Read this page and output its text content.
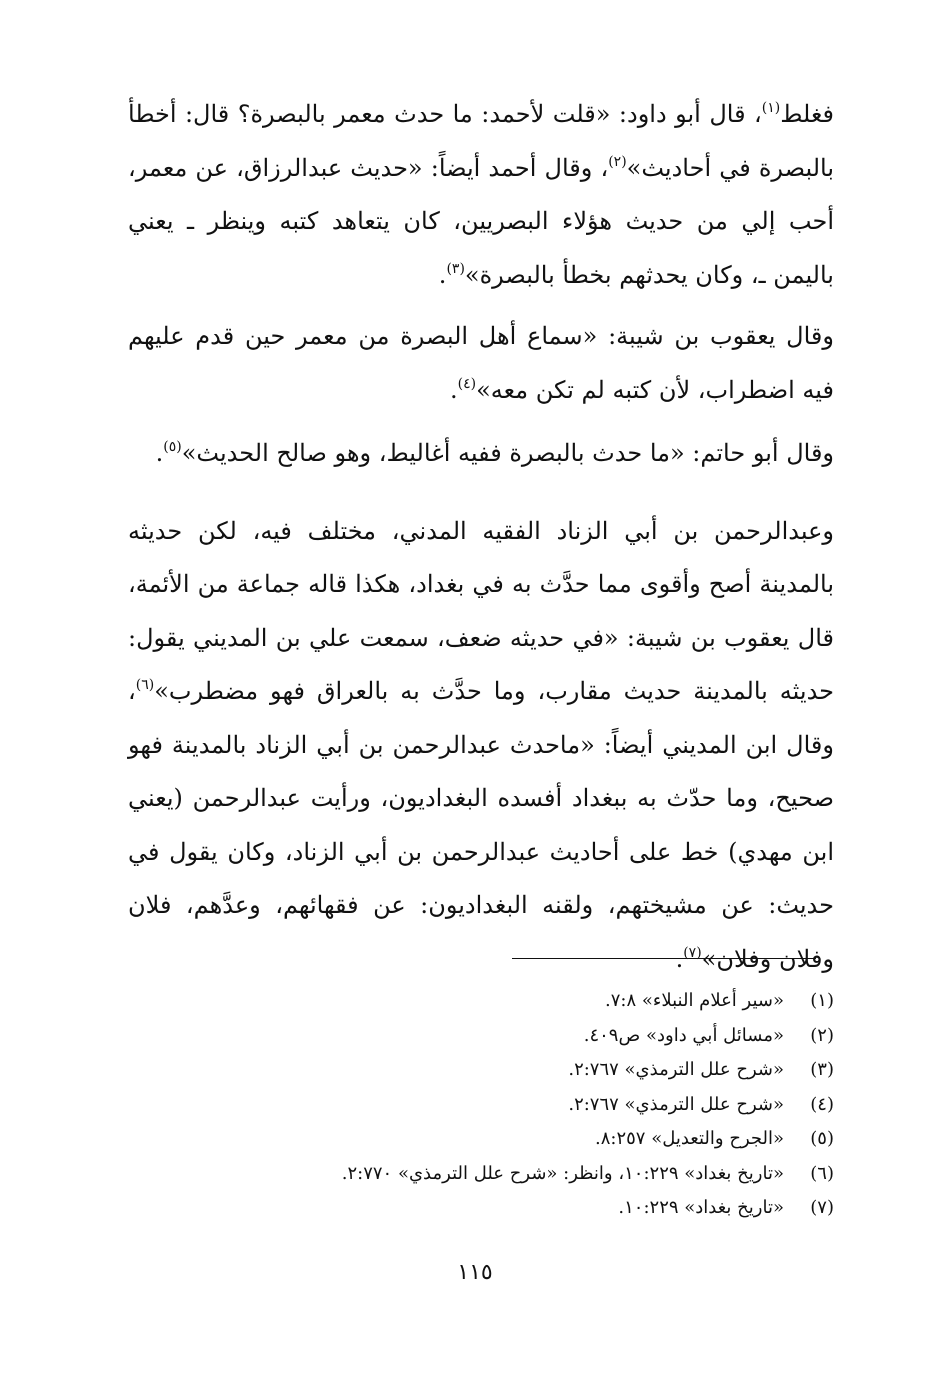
فغلط$^{(١)}$، قال أبو داود: «قلت لأحمد: ما حدث معمر بالبصرة؟ قال: أخطأ بالبصرة في أحاديث»$^{(٢)}$، وقال أحمد أيضاً: «حديث عبدالرزاق، عن معمر، أحب إلي من حديث هؤلاء البصريين، كان يتعاهد كتبه وينظر ـ يعني باليمن ـ، وكان يحدثهم بخطأ بالبصرة»$^{(٣)}$.

وقال يعقوب بن شيبة: «سماع أهل البصرة من معمر حين قدم عليهم فيه اضطراب، لأن كتبه لم تكن معه»$^{(٤)}$.

وقال أبو حاتم: «ما حدث بالبصرة ففيه أغاليط، وهو صالح الحديث»$^{(٥)}$.

وعبدالرحمن بن أبي الزناد الفقيه المدني، مختلف فيه، لكن حديثه بالمدينة أصح وأقوى مما حدَّث به في بغداد، هكذا قاله جماعة من الأئمة، قال يعقوب بن شيبة: «في حديثه ضعف، سمعت علي بن المديني يقول: حديثه بالمدينة حديث مقارب، وما حدَّث به بالعراق فهو مضطرب»$^{(٦)}$، وقال ابن المديني أيضاً: «ماحدث عبدالرحمن بن أبي الزناد بالمدينة فهو صحيح، وما حدّث به ببغداد أفسده البغداديون، ورأيت عبدالرحمن (يعني ابن مهدي) خط على أحاديث عبدالرحمن بن أبي الزناد، وكان يقول في حديث: عن مشيختهم، ولقنه البغداديون: عن فقهائهم، وعدَّهم، فلان وفلان وفلان»$^{(٧)}$.

(١)
«سير أعلام النبلاء» ٧:٨.
(٢)
«مسائل أبي داود» ص٤٠٩.
(٣)
«شرح علل الترمذي» ٢:٧٦٧.
(٤)
«شرح علل الترمذي» ٢:٧٦٧.
(٥)
«الجرح والتعديل» ٨:٢٥٧.
(٦)
«تاريخ بغداد» ١٠:٢٢٩، وانظر: «شرح علل الترمذي» ٢:٧٧٠.
(٧)
«تاريخ بغداد» ١٠:٢٢٩.
١١٥
